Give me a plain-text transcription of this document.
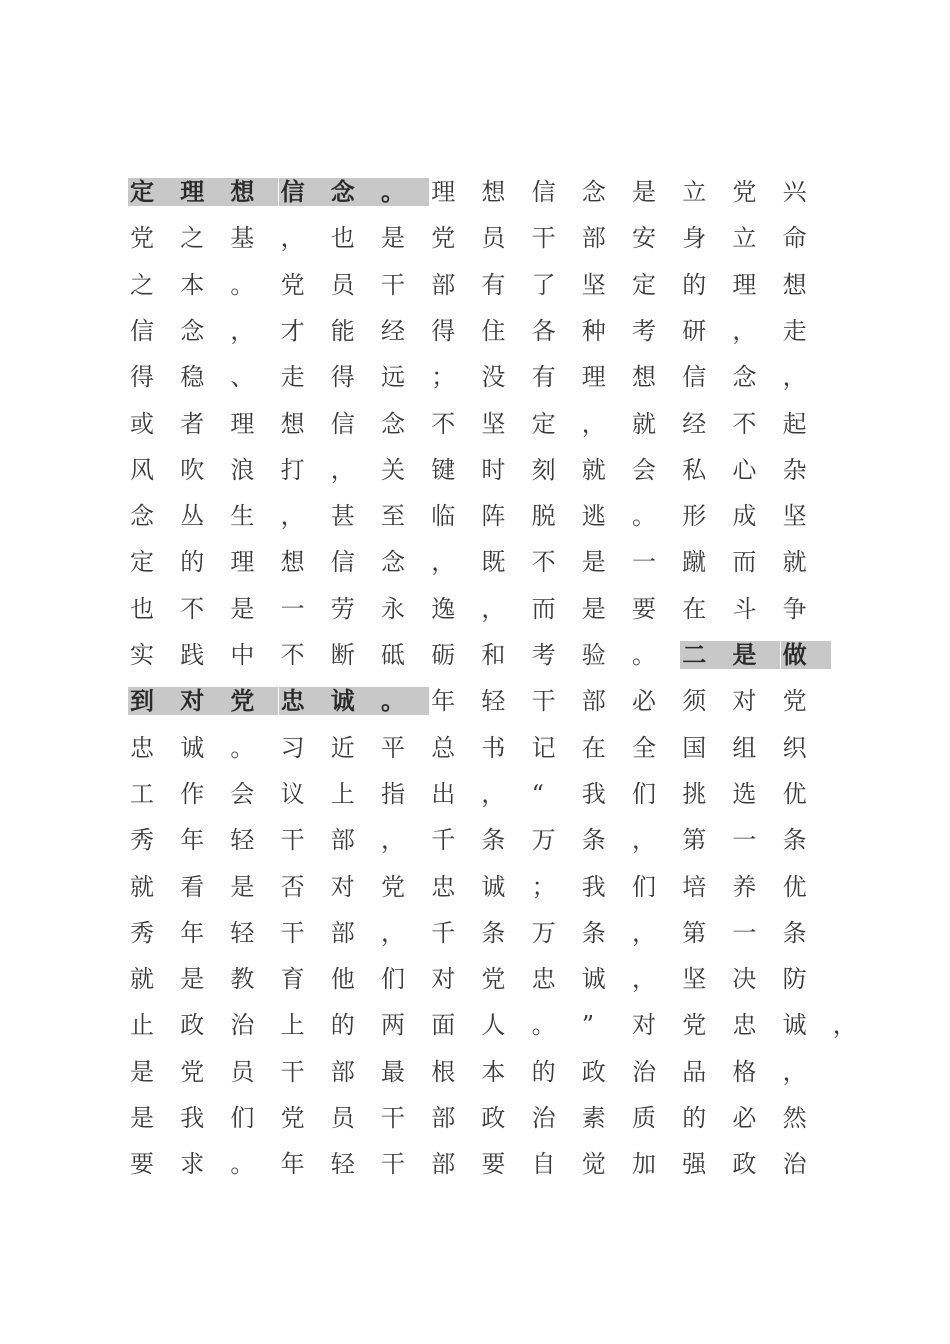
定	理	想	信	念	。	理	想	信	念	是	立	党	兴
党	之	基	，	也	是	党	员	干	部	安	身	立	命
之	本	。	党	员	干	部	有	了	坚	定	的	理	想
信	念	，	才	能	经	得	住	各	种	考	研	，	走
得	稳	、	走	得	远	；	没	有	理	想	信	念	，
或	者	理	想	信	念	不	坚	定	，	就	经	不	起
风	吹	浪	打	，	关	键	时	刻	就	会	私	心	杂
念	丛	生	，	甚	至	临	阵	脱	逃	。	形	成	坚
定	的	理	想	信	念	，	既	不	是	一	蹴	而	就
也	不	是	一	劳	永	逸	，	而	是	要	在	斗	争
实	践	中	不	断	砥	砺	和	考	验	。	二	是	做
到	对	党	忠	诚	。	年	轻	干	部	必	须	对	党
忠	诚	。	习	近	平	总	书	记	在	全	国	组	织
工	作	会	议	上	指	出	，	“	我	们	挑	选	优
秀	年	轻	干	部	，	千	条	万	条	，	第	一	条
就	看	是	否	对	党	忠	诚	；	我	们	培	养	优
秀	年	轻	干	部	，	千	条	万	条	，	第	一	条
就	是	教	育	他	们	对	党	忠	诚	，	坚	决	防
止	政	治	上	的	两	面	人	。	”	对	党	忠	诚	，
是	党	员	干	部	最	根	本	的	政	治	品	格	，
是	我	们	党	员	干	部	政	治	素	质	的	必	然
要	求	。	年	轻	干	部	要	自	觉	加	强	政	治
